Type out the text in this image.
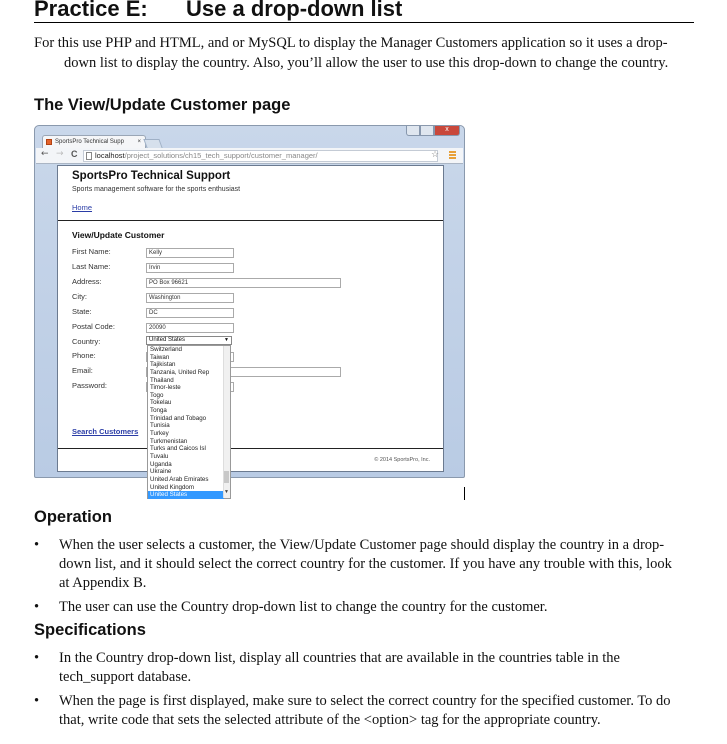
Practice E: Use a drop-down list

For this use PHP and HTML, and or MySQL to display the Manager Customers application so it uses a drop-down list to display the country. Also, you’ll allow the user to use this drop-down to change the country.

The View/Update Customer page
SportsPro Technical Supp ×
x
← → C	localhost/project_solutions/ch15_tech_support/customer_manager/	☆
SportsPro Technical Support
Sports management software for the sports enthusiast
Home
View/Update Customer
First Name:	Kelly
Last Name:	Irvin
Address:	PO Box 96621
City:	Washington
State:	DC
Postal Code:	20090
Country:	United States	▼
Phone:
Email:
Password:
Search Customers
© 2014 SportsPro, Inc.
Switzerland
Taiwan
Tajikistan
Tanzania, United Rep
Thailand
Timor-leste
Togo
Tokelau
Tonga
Trinidad and Tobago
Tunisia
Turkey
Turkmenistan
Turks and Caicos Isl
Tuvalu
Uganda
Ukraine
United Arab Emirates
United Kingdom
United States	▼
Operation
• When the user selects a customer, the View/Update Customer page should display the country in a drop-down list, and it should select the correct country for the customer. If you have any trouble with this, look at Appendix B.
• The user can use the Country drop-down list to change the country for the customer.
Specifications
• In the Country drop-down list, display all countries that are available in the countries table in the tech_support database.
• When the page is first displayed, make sure to select the correct country for the specified customer. To do that, write code that sets the selected attribute of the <option> tag for the appropriate country.
